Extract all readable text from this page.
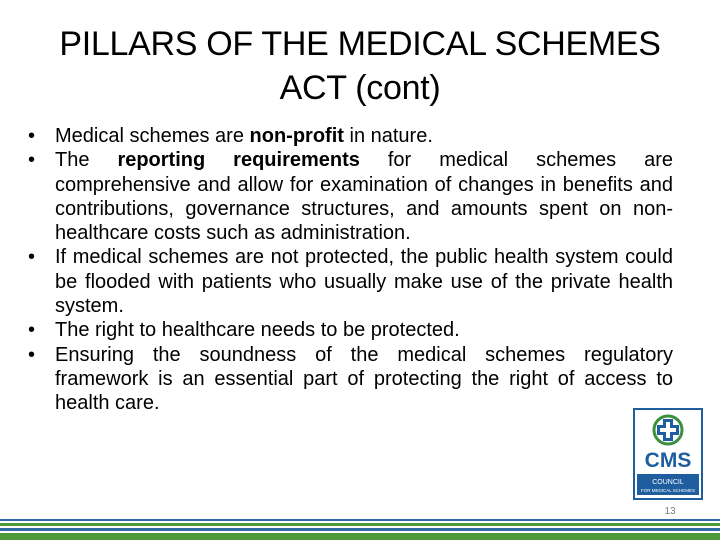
PILLARS OF THE MEDICAL SCHEMES
ACT (cont)
• Medical schemes are non-profit in nature.
• The reporting requirements for medical schemes are comprehensive and allow for examination of changes in benefits and contributions, governance structures, and amounts spent on non-healthcare costs such as administration.
• If medical schemes are not protected, the public health system could be flooded with patients who usually make use of the private health system.
• The right to healthcare needs to be protected.
• Ensuring the soundness of the medical schemes regulatory framework is an essential part of protecting the right of access to health care.
CMS
COUNCIL
FOR MEDICAL SCHEMES
13
